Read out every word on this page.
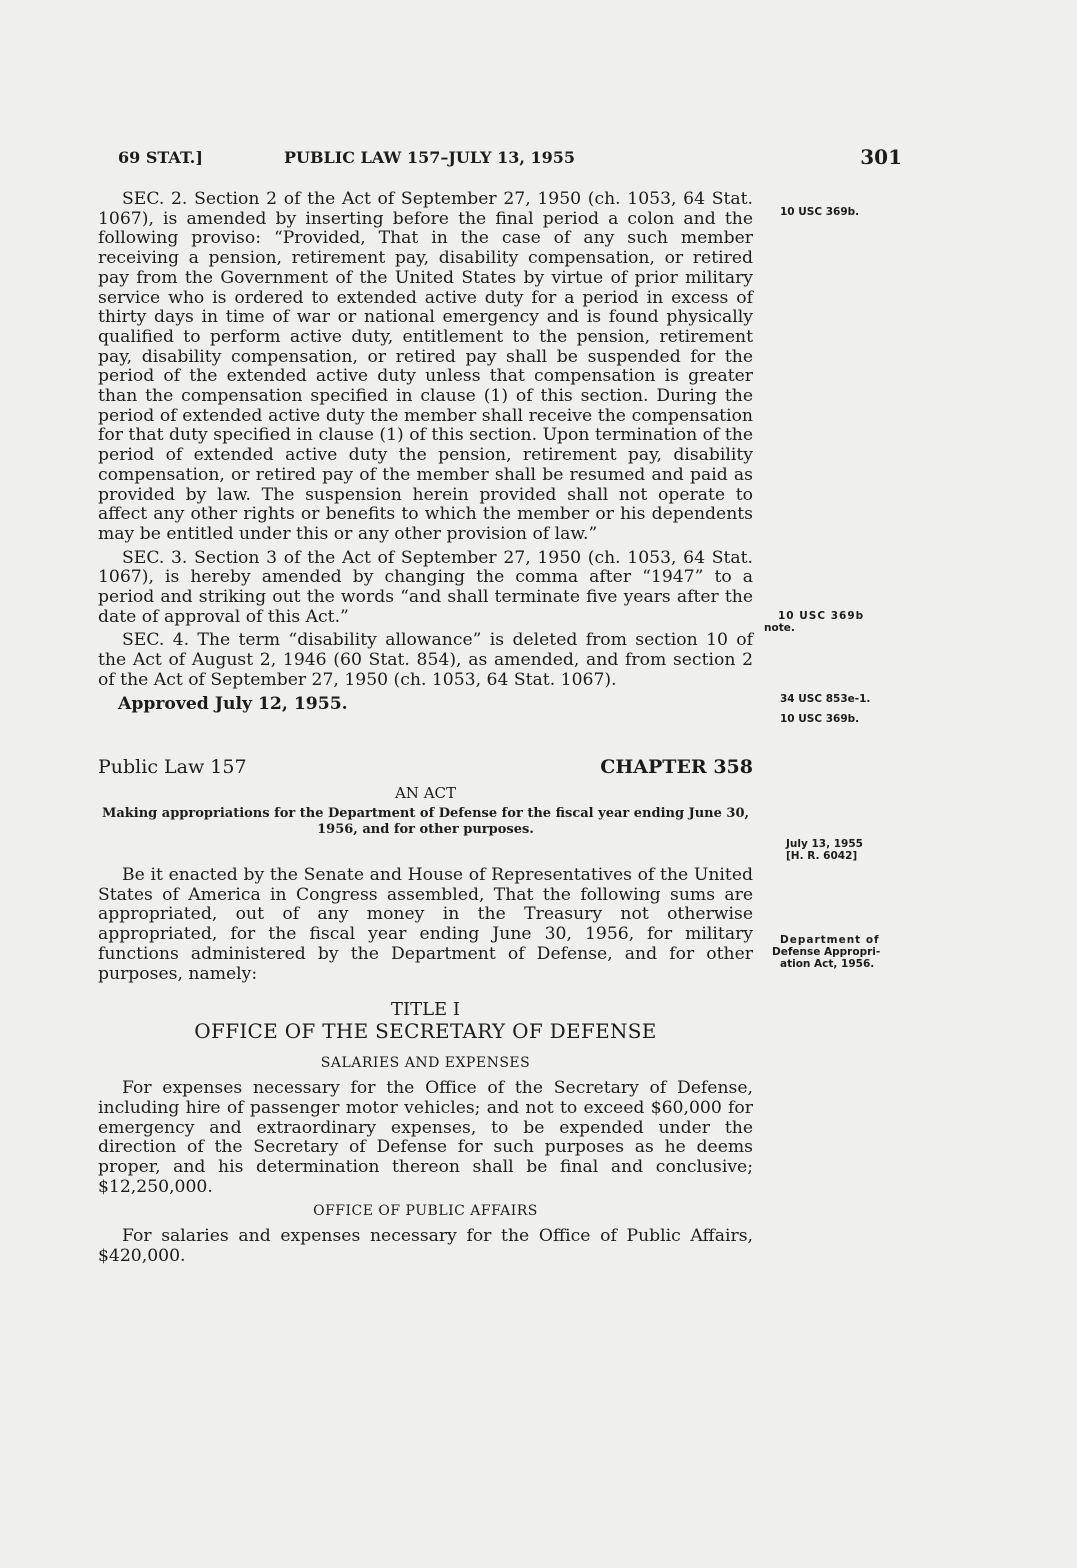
69 STAT.]	PUBLIC LAW 157–JULY 13, 1955	301

SEC. 2. Section 2 of the Act of September 27, 1950 (ch. 1053, 64 Stat. 1067), is amended by inserting before the final period a colon and the following proviso: “Provided, That in the case of any such member receiving a pension, retirement pay, disability compensation, or retired pay from the Government of the United States by virtue of prior military service who is ordered to extended active duty for a period in excess of thirty days in time of war or national emergency and is found physically qualified to perform active duty, entitlement to the pension, retirement pay, disability compensation, or retired pay shall be suspended for the period of the extended active duty unless that compensation is greater than the compensation specified in clause (1) of this section. During the period of extended active duty the member shall receive the compensation for that duty specified in clause (1) of this section. Upon termination of the period of extended active duty the pension, retirement pay, disability compensation, or retired pay of the member shall be resumed and paid as provided by law. The suspension herein provided shall not operate to affect any other rights or benefits to which the member or his dependents may be entitled under this or any other provision of law.”

SEC. 3. Section 3 of the Act of September 27, 1950 (ch. 1053, 64 Stat. 1067), is hereby amended by changing the comma after “1947” to a period and striking out the words “and shall terminate five years after the date of approval of this Act.”

SEC. 4. The term “disability allowance” is deleted from section 10 of the Act of August 2, 1946 (60 Stat. 854), as amended, and from section 2 of the Act of September 27, 1950 (ch. 1053, 64 Stat. 1067).

Approved July 12, 1955.

Public Law 157	CHAPTER 358

AN ACT

Making appropriations for the Department of Defense for the fiscal year ending June 30, 1956, and for other purposes.

Be it enacted by the Senate and House of Representatives of the United States of America in Congress assembled, That the following sums are appropriated, out of any money in the Treasury not otherwise appropriated, for the fiscal year ending June 30, 1956, for military functions administered by the Department of Defense, and for other purposes, namely:

TITLE I

OFFICE OF THE SECRETARY OF DEFENSE

SALARIES AND EXPENSES

For expenses necessary for the Office of the Secretary of Defense, including hire of passenger motor vehicles; and not to exceed $60,000 for emergency and extraordinary expenses, to be expended under the direction of the Secretary of Defense for such purposes as he deems proper, and his determination thereon shall be final and conclusive; $12,250,000.

OFFICE OF PUBLIC AFFAIRS

For salaries and expenses necessary for the Office of Public Affairs, $420,000.

10 USC 369b.
10 USC 369b
note.
34 USC 853e-1.
10 USC 369b.
July 13, 1955
[H. R. 6042]
Department of
Defense Appropri-
ation Act, 1956.
